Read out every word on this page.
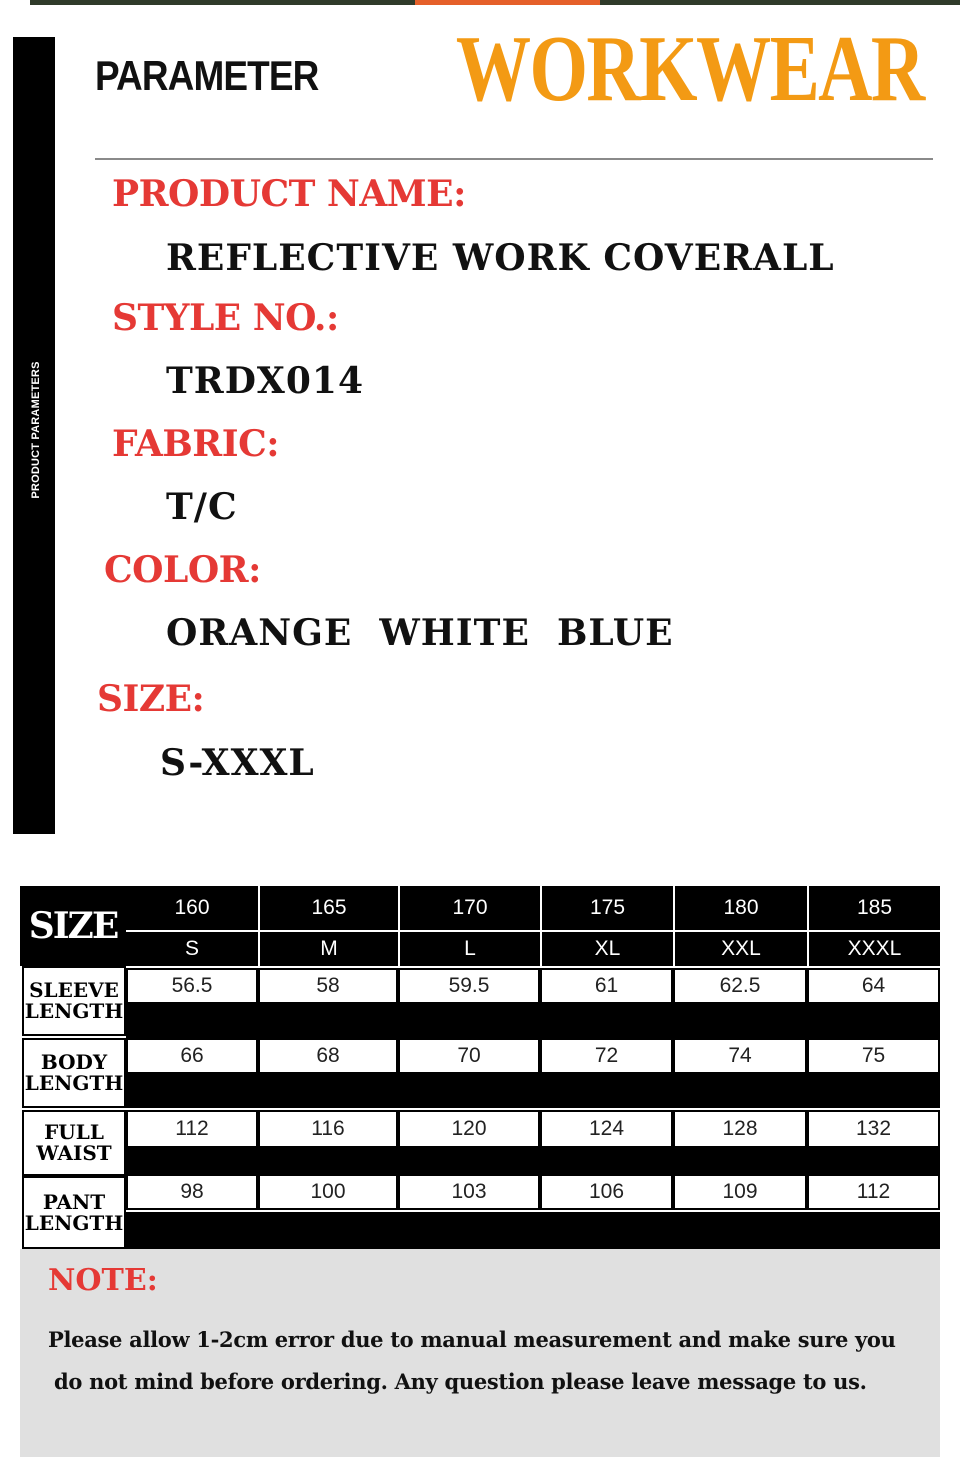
PRODUCT PARAMETERS
PARAMETER WORKWEAR
PRODUCT NAME:
REFLECTIVE WORK COVERALL
STYLE NO.:
TRDX014
FABRIC:
T/C
COLOR:
ORANGE  WHITE  BLUE
SIZE:
S-XXXL
SIZE	160	165	170	175	180	185
S	M	L	XL	XXL	XXXL
SLEEVE
LENGTH
56.5	58	59.5	61	62.5	64
BODY
LENGTH
66	68	70	72	74	75
FULL
WAIST
112	116	120	124	128	132
PANT
LENGTH
98	100	103	106	109	112
NOTE:
Please allow 1-2cm error due to manual measurement and make sure you
do not mind before ordering. Any question please leave message to us.
